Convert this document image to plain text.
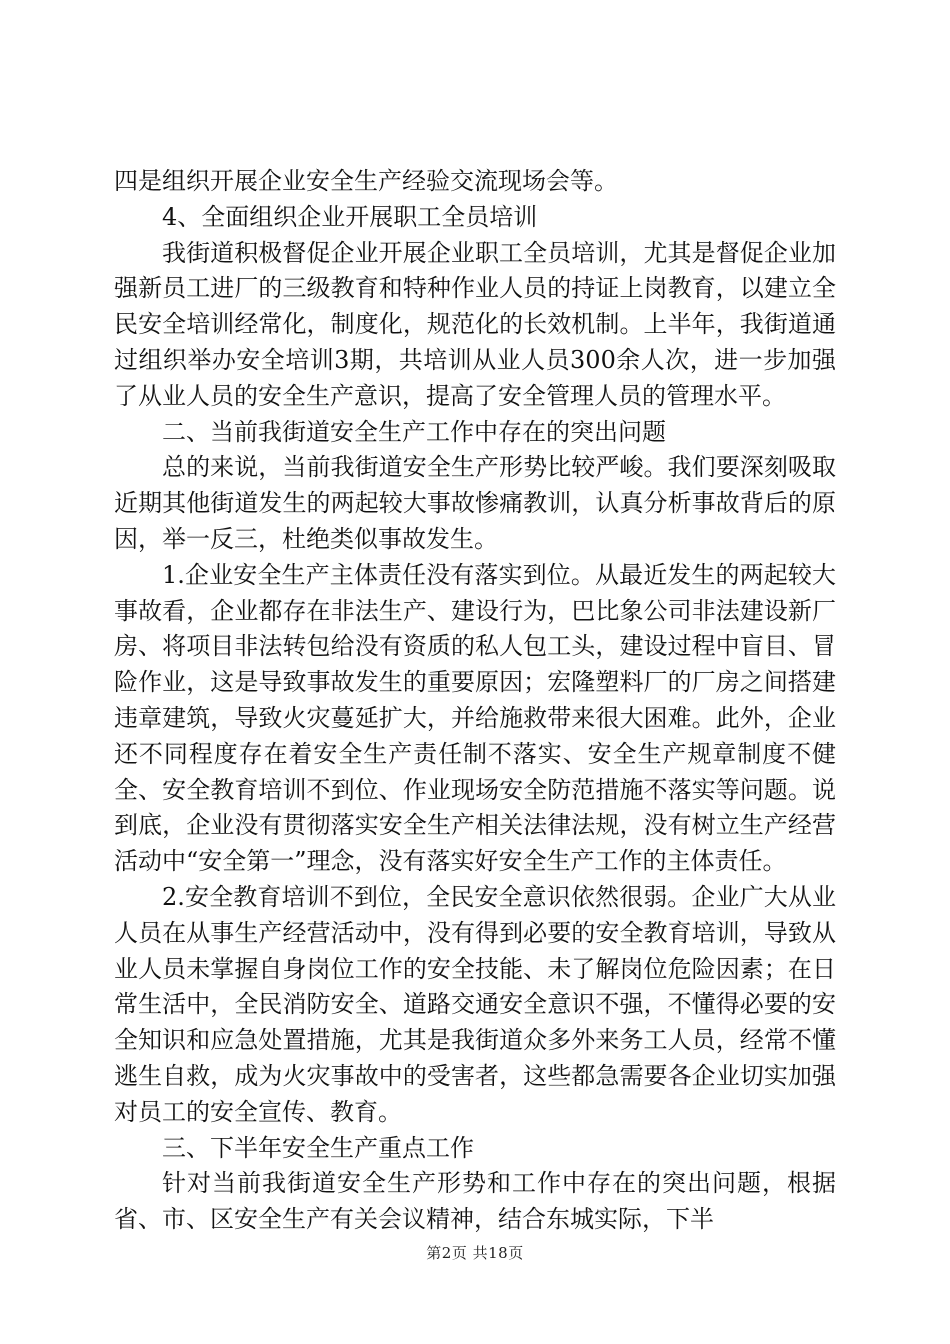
四是组织开展企业安全生产经验交流现场会等。

4、全面组织企业开展职工全员培训

我街道积极督促企业开展企业职工全员培训，尤其是督促企业加强新员工进厂的三级教育和特种作业人员的持证上岗教育，以建立全民安全培训经常化，制度化，规范化的长效机制。上半年，我街道通过组织举办安全培训3期，共培训从业人员300余人次，进一步加强了从业人员的安全生产意识，提高了安全管理人员的管理水平。

二、当前我街道安全生产工作中存在的突出问题

总的来说，当前我街道安全生产形势比较严峻。我们要深刻吸取近期其他街道发生的两起较大事故惨痛教训，认真分析事故背后的原因，举一反三，杜绝类似事故发生。

1.企业安全生产主体责任没有落实到位。从最近发生的两起较大事故看，企业都存在非法生产、建设行为，巴比象公司非法建设新厂房、将项目非法转包给没有资质的私人包工头，建设过程中盲目、冒险作业，这是导致事故发生的重要原因；宏隆塑料厂的厂房之间搭建违章建筑，导致火灾蔓延扩大，并给施救带来很大困难。此外，企业还不同程度存在着安全生产责任制不落实、安全生产规章制度不健全、安全教育培训不到位、作业现场安全防范措施不落实等问题。说到底，企业没有贯彻落实安全生产相关法律法规，没有树立生产经营活动中“安全第一”理念，没有落实好安全生产工作的主体责任。

2.安全教育培训不到位，全民安全意识依然很弱。企业广大从业人员在从事生产经营活动中，没有得到必要的安全教育培训，导致从业人员未掌握自身岗位工作的安全技能、未了解岗位危险因素；在日常生活中，全民消防安全、道路交通安全意识不强，不懂得必要的安全知识和应急处置措施，尤其是我街道众多外来务工人员，经常不懂逃生自救，成为火灾事故中的受害者，这些都急需要各企业切实加强对员工的安全宣传、教育。

三、下半年安全生产重点工作

针对当前我街道安全生产形势和工作中存在的突出问题，根据省、市、区安全生产有关会议精神，结合东城实际，下半

第2页 共18页
